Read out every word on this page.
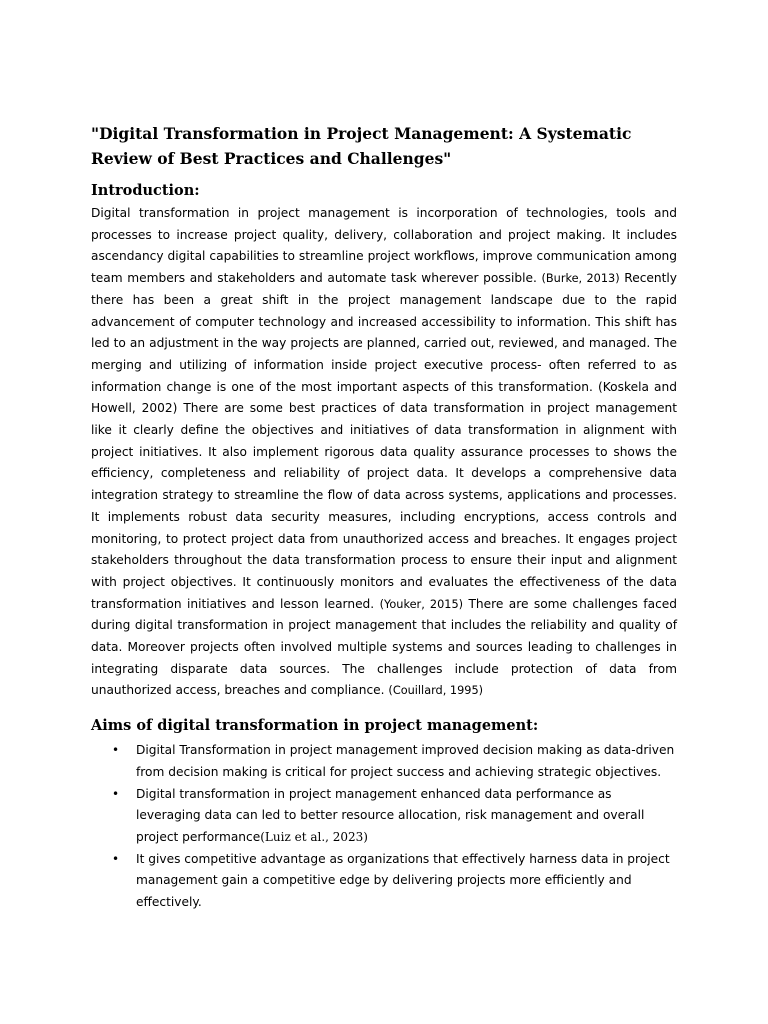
"Digital Transformation in Project Management: A Systematic Review of Best Practices and Challenges"
Introduction:

Digital transformation in project management is incorporation of technologies, tools and processes to increase project quality, delivery, collaboration and project making. It includes ascendancy digital capabilities to streamline project workflows, improve communication among team members and stakeholders and automate task wherever possible. (Burke, 2013) Recently there has been a great shift in the project management landscape due to the rapid advancement of computer technology and increased accessibility to information. This shift has led to an adjustment in the way projects are planned, carried out, reviewed, and managed. The merging and utilizing of information inside project executive process- often referred to as information change is one of the most important aspects of this transformation. (Koskela and Howell, 2002) There are some best practices of data transformation in project management like it clearly define the objectives and initiatives of data transformation in alignment with project initiatives. It also implement rigorous data quality assurance processes to shows the efficiency, completeness and reliability of project data. It develops a comprehensive data integration strategy to streamline the flow of data across systems, applications and processes. It implements robust data security measures, including encryptions, access controls and monitoring, to protect project data from unauthorized access and breaches. It engages project stakeholders throughout the data transformation process to ensure their input and alignment with project objectives. It continuously monitors and evaluates the effectiveness of the data transformation initiatives and lesson learned. (Youker, 2015) There are some challenges faced during digital transformation in project management that includes the reliability and quality of data. Moreover projects often involved multiple systems and sources leading to challenges in integrating disparate data sources. The challenges include protection of data from unauthorized access, breaches and compliance. (Couillard, 1995)

Aims of digital transformation in project management:
• Digital Transformation in project management improved decision making as data-driven from decision making is critical for project success and achieving strategic objectives.
• Digital transformation in project management enhanced data performance as leveraging data can led to better resource allocation, risk management and overall project performance(Luiz et al., 2023)
• It gives competitive advantage as organizations that effectively harness data in project management gain a competitive edge by delivering projects more efficiently and effectively.
